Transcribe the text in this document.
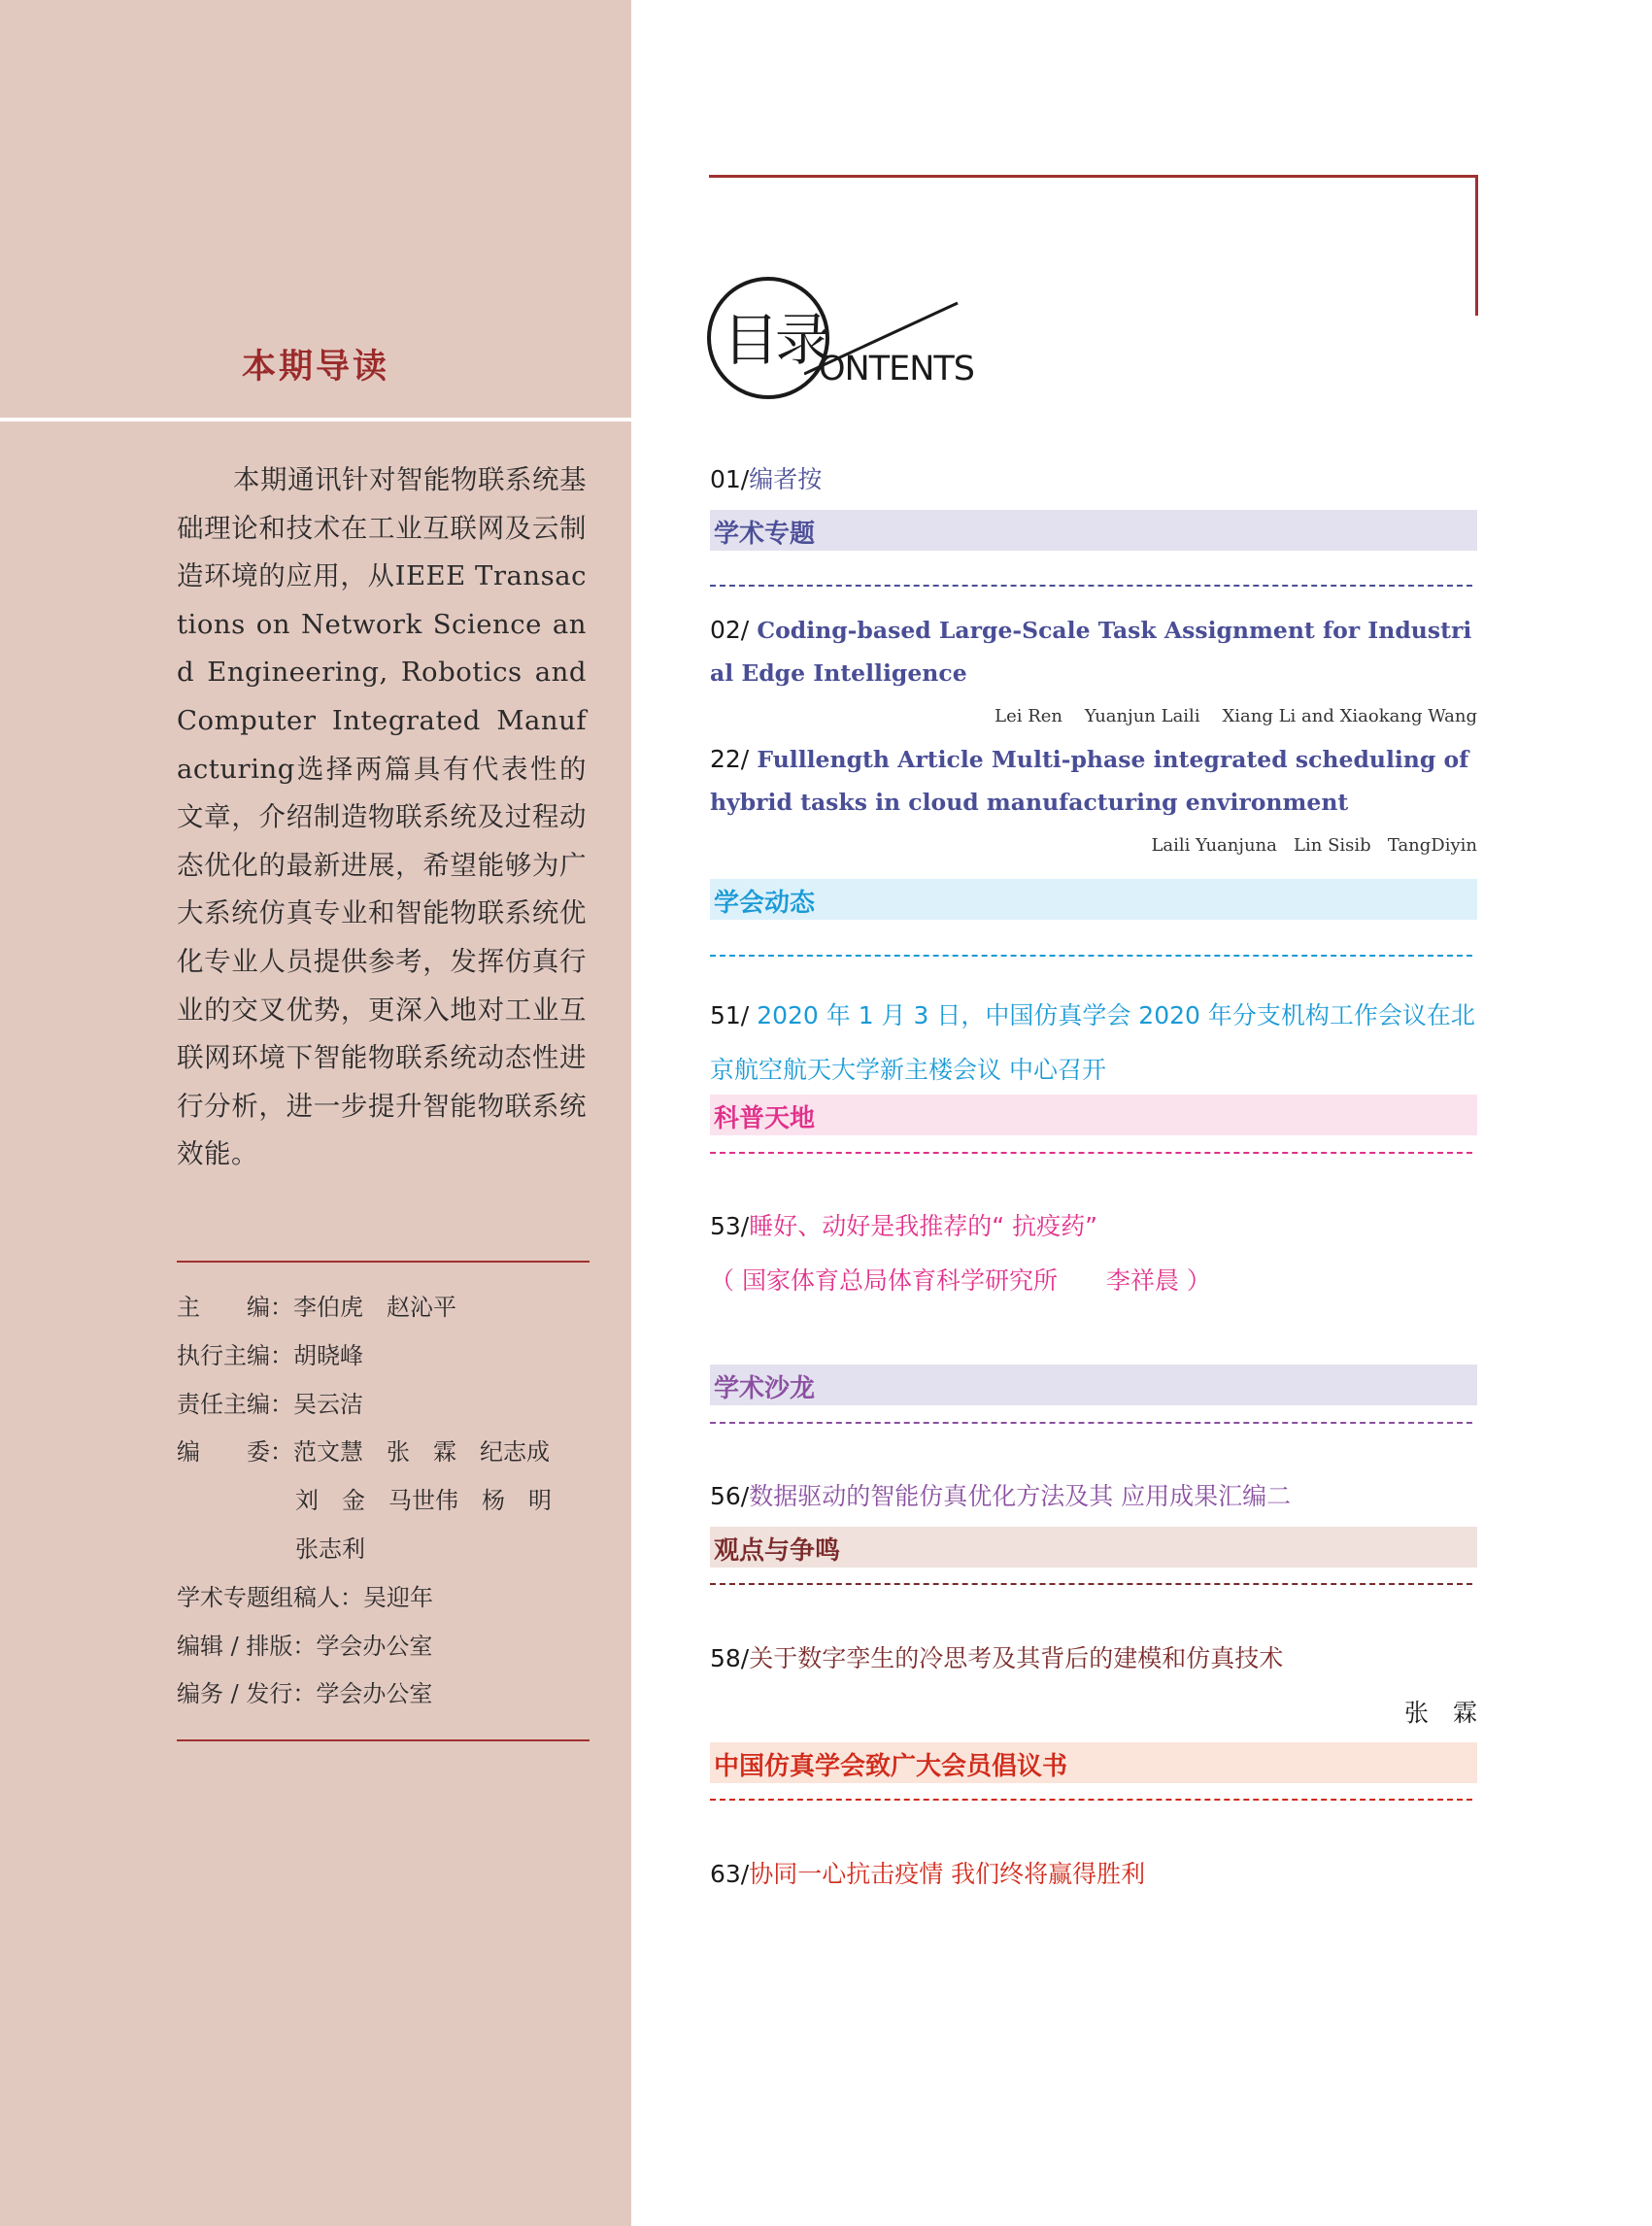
本期导读

本期通讯针对智能物联系统基础理论和技术在工业互联网及云制造环境的应用，从IEEE Transactions on Network Science and Engineering, Robotics and Computer Integrated Manufacturing选择两篇具有代表性的文章，介绍制造物联系统及过程动态优化的最新进展，希望能够为广大系统仿真专业和智能物联系统优化专业人员提供参考，发挥仿真行业的交叉优势，更深入地对工业互联网环境下智能物联系统动态性进行分析，进一步提升智能物联系统效能。

主　　编：李伯虎　赵沁平
执行主编：胡晓峰
责任主编：吴云洁
编　　委：范文慧　张　霖　纪志成
刘　金　马世伟　杨　明
张志利
学术专题组稿人：吴迎年
编辑 / 排版：学会办公室
编务 / 发行：学会办公室
目录
ONTENTS
01/编者按
学术专题
02/ Coding-based Large-Scale Task Assignment for Industrial Edge Intelligence
Lei Ren    Yuanjun Laili    Xiang Li and Xiaokang Wang
22/ Fulllength Article Multi-phase integrated scheduling of hybrid tasks in cloud manufacturing environment
Laili Yuanjuna   Lin Sisib   TangDiyin
学会动态
51/ 2020 年 1 月 3 日，中国仿真学会 2020 年分支机构工作会议在北京航空航天大学新主楼会议 中心召开
科普天地
53/睡好、动好是我推荐的“ 抗疫药”
（ 国家体育总局体育科学研究所　　李祥晨 ）
学术沙龙
56/数据驱动的智能仿真优化方法及其 应用成果汇编二
观点与争鸣
58/关于数字孪生的冷思考及其背后的建模和仿真技术
张　霖
中国仿真学会致广大会员倡议书
63/协同一心抗击疫情 我们终将赢得胜利
